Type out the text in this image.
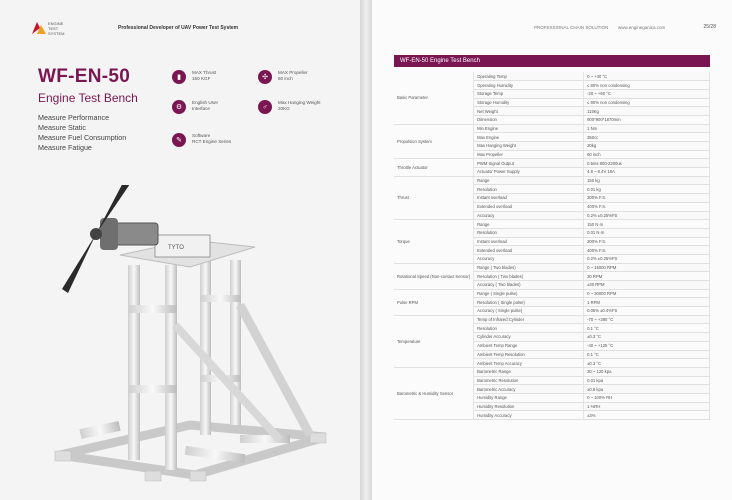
ENGINE TEST
SYSTEM
Professional Developer of UAV Power Test System
WF-EN-50
Engine Test Bench
Measure Performance
Measure Static
Measure Fuel Consumption
Measure Fatigue
▮
MAX Thrust
150 KGF	✣
MAX Propeller
60 inch
⚙
English User
Interface	♂
Max Hanging Weight
20KG
✎
Software
RCT Engine Series
TYTO
PROFESSIONAL CHAIN SOLUTION www.engineganica.com	25/28
WF-EN-50 Engine Test Bench
Basic Parameter	Operating Temp	0 ~ +40 °C
	Operating Humidity	≤ 80% non condensing
	Storage Temp	-20 ~ +60 °C
	Storage Humidity	≤ 90% non condensing
	Net Weight	115Kg
	Dimension	900*900*1870mm
Propulsion System	Min Engine	1 Nm
	Max Engine	350cc
	Max Hanging Weight	20kg
	Max Propeller	60 inch
Throttle Actuator	PWM Signal Output	0.5ms 800-2200us
	Actuator Power Supply	4.8 ~ 8.4V 16A
Thrust	Range	150 kg
	Resolution	0.01 kg
	Instant overload	200% F.S.
	Extended overload	400% F.S.
	Accuracy	0.2% ±0.25%FS
Torque	Range	150 N·m
	Resolution	0.01 N·m
	Instant overload	200% F.S.
	Extended overload	400% F.S.
	Accuracy	0.2% ±0.25%FS
Rotational Speed (Non-contact Sensor)	Range ( Two blades)	0 ~ 15000 RPM
	Resolution ( Two blades)	30 RPM
	Accuracy ( Two blades)	±30 RPM
Pulse RPM	Range ( Single pulse)	0 ~ 30000 RPM
	Resolution ( Single pulse)	1 RPM
	Accuracy ( Single pulse)	0.05% ±0.4%FS
Temperature	Temp of Infrared Cylinder	-70 ~ +380 °C
	Resolution	0.1 °C
	Cylinder Accuracy	±0.3 °C
	Ambient Temp Range	-40 ~ +125 °C
	Ambient Temp Resolution	0.1 °C
	Ambient Temp Accuracy	±0.3 °C
Barometric & Humidity Sensor	Barometric Range	30 ~ 120 kpa
	Barometric Resolution	0.01 kpa
	Barometric Accuracy	±0.8 kpa
	Humidity Range	0 ~ 100% RH
	Humidity Resolution	1 %RH
	Humidity Accuracy	±3%
